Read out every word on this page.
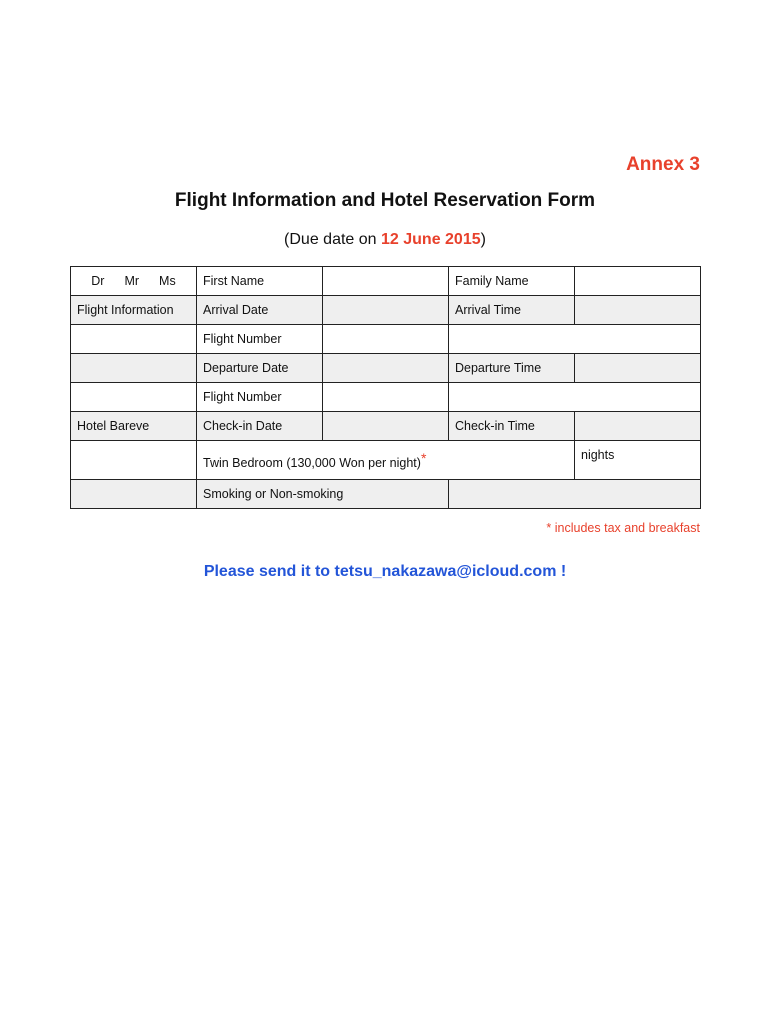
Annex 3
Flight Information and Hotel Reservation Form
(Due date on 12 June 2015)
Dr Mr Ms	First Name		Family Name	
Flight Information	Arrival Date		Arrival Time	
	Flight Number			
	Departure Date		Departure Time	
	Flight Number			
Hotel Bareve	Check-in Date		Check-in Time	
	Twin Bedroom (130,000 Won per night)*			nights
	Smoking or Non-smoking			
* includes tax and breakfast
Please send it to tetsu_nakazawa@icloud.com !
